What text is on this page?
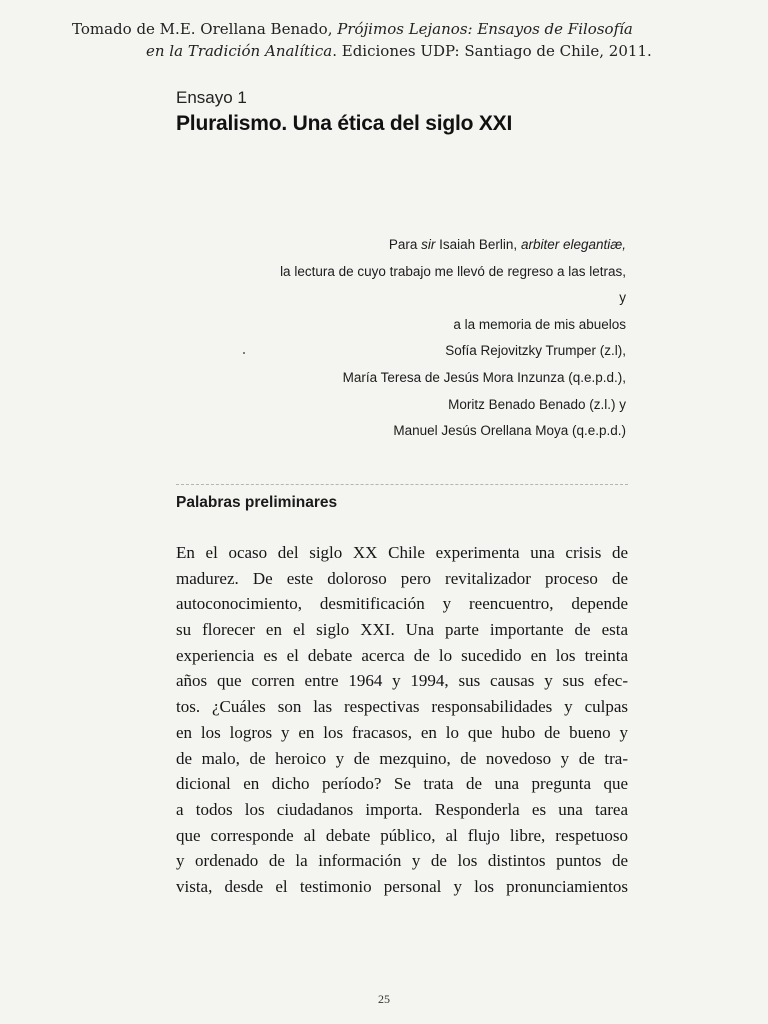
Tomado de M.E. Orellana Benado, Prójimos Lejanos: Ensayos de Filosofía
en la Tradición Analítica. Ediciones UDP: Santiago de Chile, 2011.
Ensayo 1
Pluralismo. Una ética del siglo XXI
Para sir Isaiah Berlin, arbiter elegantiæ,
la lectura de cuyo trabajo me llevó de regreso a las letras,
y
a la memoria de mis abuelos
Sofía Rejovitzky Trumper (z.l),
María Teresa de Jesús Mora Inzunza (q.e.p.d.),
Moritz Benado Benado (z.l.) y
Manuel Jesús Orellana Moya (q.e.p.d.)
Palabras preliminares
En el ocaso del siglo XX Chile experimenta una crisis de
madurez. De este doloroso pero revitalizador proceso de
autoconocimiento, desmitificación y reencuentro, depende
su florecer en el siglo XXI. Una parte importante de esta
experiencia es el debate acerca de lo sucedido en los treinta
años que corren entre 1964 y 1994, sus causas y sus efec-
tos. ¿Cuáles son las respectivas responsabilidades y culpas
en los logros y en los fracasos, en lo que hubo de bueno y
de malo, de heroico y de mezquino, de novedoso y de tra-
dicional en dicho período? Se trata de una pregunta que
a todos los ciudadanos importa. Responderla es una tarea
que corresponde al debate público, al flujo libre, respetuoso
y ordenado de la información y de los distintos puntos de
vista, desde el testimonio personal y los pronunciamientos
25
